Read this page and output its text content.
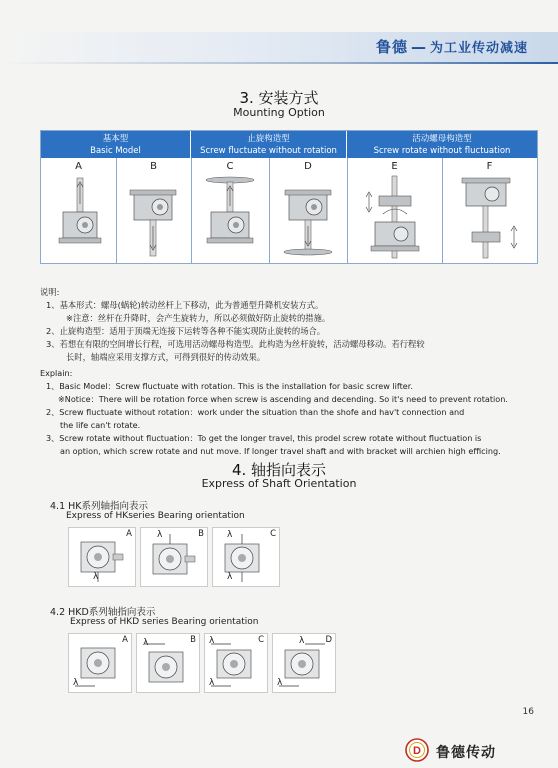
鲁德 — 为工业传动减速
3. 安装方式
Mounting Option
基本型
Basic Model
止旋构造型
Screw fluctuate without rotation
活动螺母构造型
Screw rotate without fluctuation
A	B	C	D	E	F

说明:

1、基本形式：螺母(蜗轮)转动丝杆上下移动，此为普通型升降机安装方式。

※注意：丝杆在升降时，会产生旋转力，所以必须做好防止旋转的措施。

2、止旋构造型：适用于顶端无连接下运转等各种不能实现防止旋转的场合。

3、若想在有限的空间增长行程，可选用活动螺母构造型。此构造为丝杆旋转，活动螺母移动。若行程较

长时，轴端应采用支撑方式，可得到很好的传动效果。

Explain:

1、Basic Model：Screw fluctuate with rotation. This is the installation for basic screw lifter.

※Notice：There will be rotation force when screw is ascending and decending. So it's need to prevent rotation.

2、Screw fluctuate without rotation：work under the situation than the shofe and hav't connection and

the life can't rotate.

3、Screw rotate without fluctuation：To get the longer travel, this prodel screw rotate without fluctuation is

an option, which screw rotate and nut move. If longer travel shaft and with bracket will archien high efficing.

4. 轴指向表示
Express of Shaft Orientation
4.1 HK系列轴指向表示
Express of HKseries Bearing orientation
A
λ
B
λ	C
λ
λ
4.2 HKD系列轴指向表示
Express of HKD series Bearing orientation
A
λ
B
λ	C
λ
λ
D
λ
λ
16
D 鲁德传动
